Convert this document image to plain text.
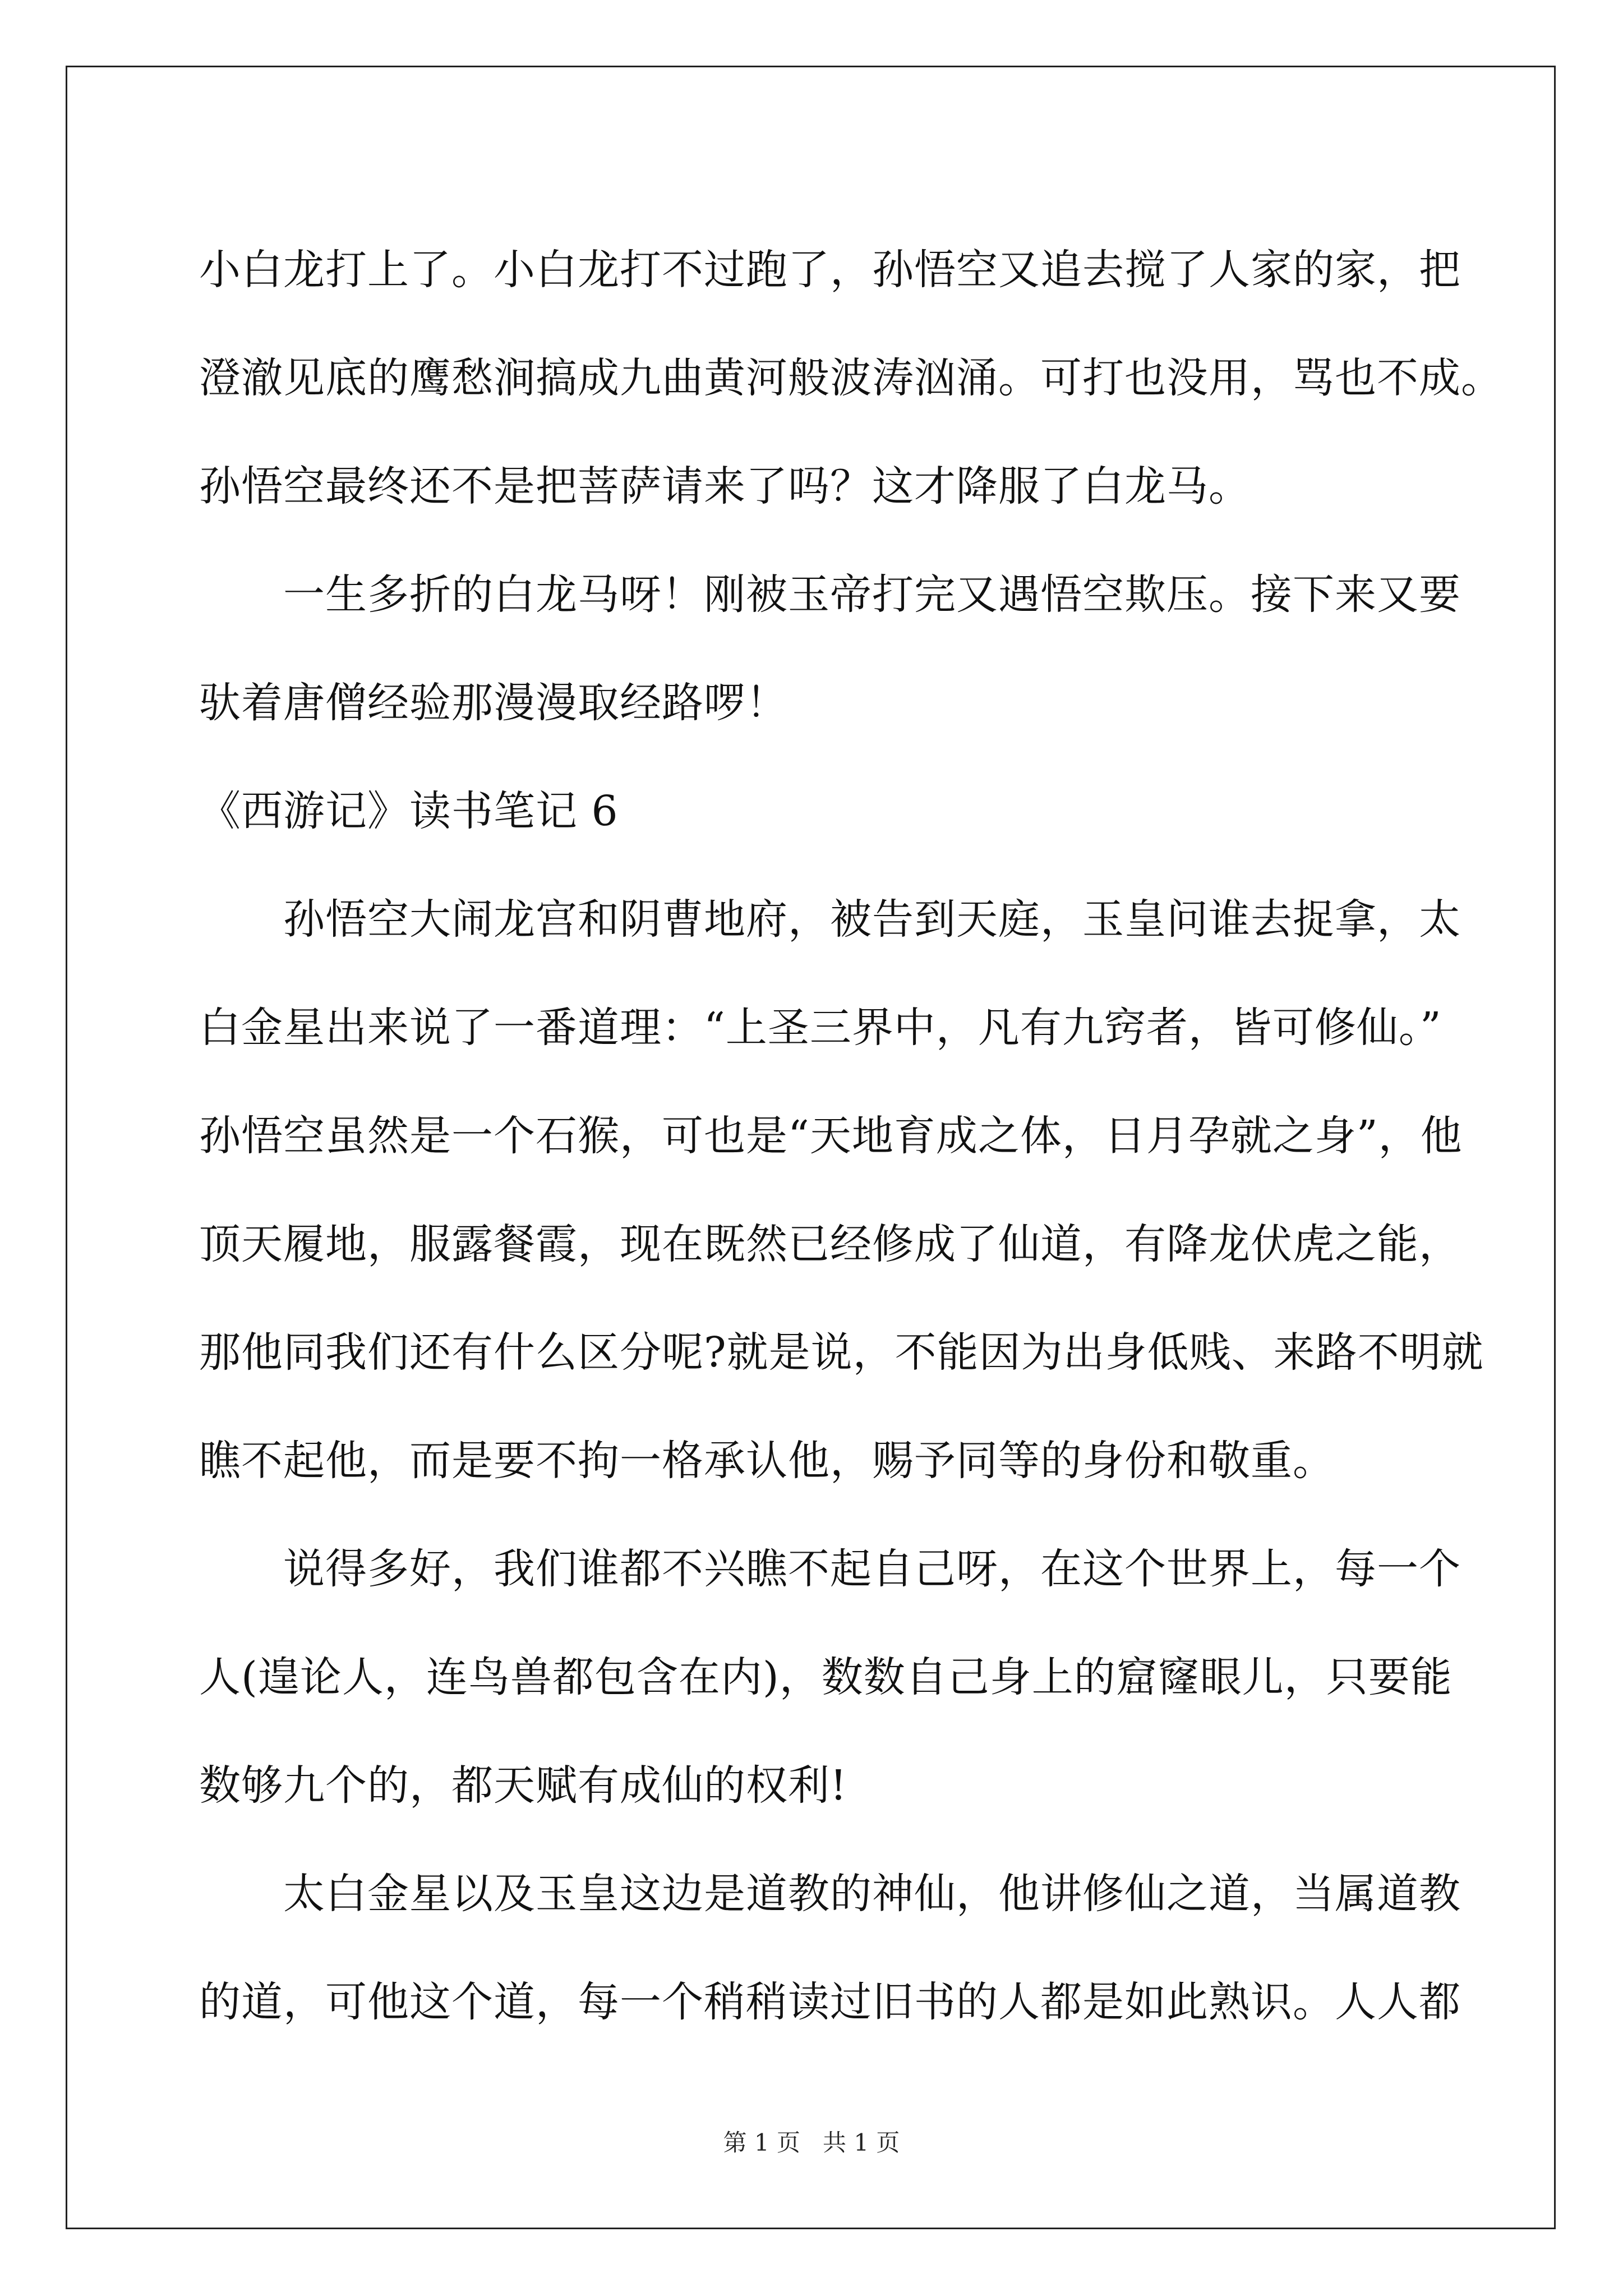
小白龙打上了。小白龙打不过跑了，孙悟空又追去搅了人家的家，把
澄澈见底的鹰愁涧搞成九曲黄河般波涛汹涌。可打也没用，骂也不成。
孙悟空最终还不是把菩萨请来了吗？这才降服了白龙马。
一生多折的白龙马呀！刚被玉帝打完又遇悟空欺压。接下来又要
驮着唐僧经验那漫漫取经路啰！
《西游记》读书笔记 6
孙悟空大闹龙宫和阴曹地府，被告到天庭，玉皇问谁去捉拿，太
白金星出来说了一番道理：“上圣三界中，凡有九窍者，皆可修仙。”
孙悟空虽然是一个石猴，可也是“天地育成之体，日月孕就之身”，他
顶天履地，服露餐霞，现在既然已经修成了仙道，有降龙伏虎之能，
那他同我们还有什么区分呢?就是说，不能因为出身低贱、来路不明就
瞧不起他，而是要不拘一格承认他，赐予同等的身份和敬重。
说得多好，我们谁都不兴瞧不起自己呀，在这个世界上，每一个
人(遑论人，连鸟兽都包含在内)，数数自己身上的窟窿眼儿，只要能
数够九个的，都天赋有成仙的权利!
太白金星以及玉皇这边是道教的神仙，他讲修仙之道，当属道教
的道，可他这个道，每一个稍稍读过旧书的人都是如此熟识。人人都
第 1 页 共 1 页
